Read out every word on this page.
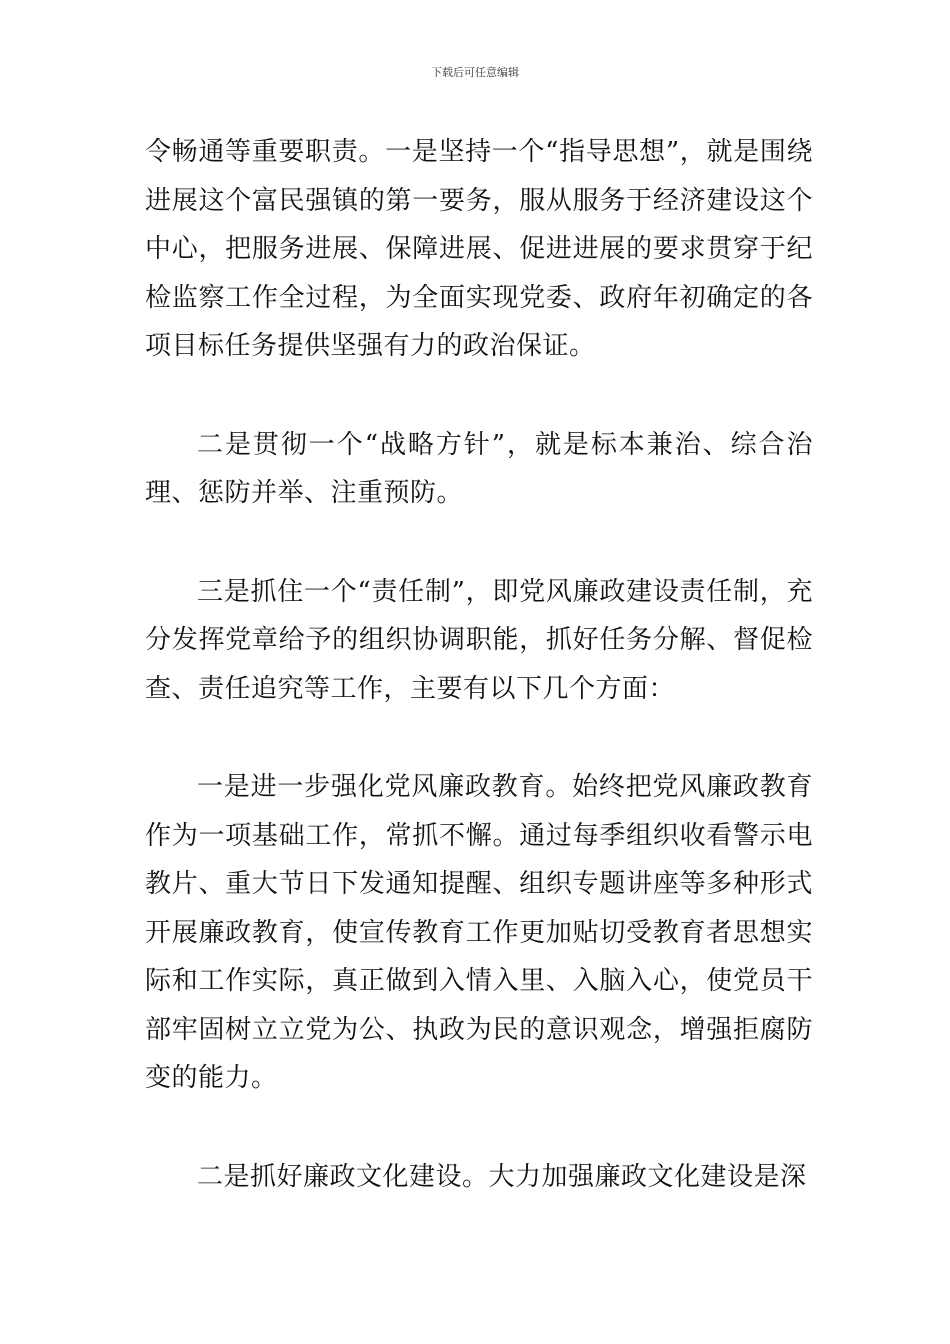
下载后可任意编辑

令畅通等重要职责。一是坚持一个“指导思想”，就是围绕进展这个富民强镇的第一要务，服从服务于经济建设这个中心，把服务进展、保障进展、促进进展的要求贯穿于纪检监察工作全过程，为全面实现党委、政府年初确定的各项目标任务提供坚强有力的政治保证。

二是贯彻一个“战略方针”，就是标本兼治、综合治理、惩防并举、注重预防。

三是抓住一个“责任制”，即党风廉政建设责任制，充分发挥党章给予的组织协调职能，抓好任务分解、督促检查、责任追究等工作，主要有以下几个方面：

一是进一步强化党风廉政教育。始终把党风廉政教育作为一项基础工作，常抓不懈。通过每季组织收看警示电教片、重大节日下发通知提醒、组织专题讲座等多种形式开展廉政教育，使宣传教育工作更加贴切受教育者思想实际和工作实际，真正做到入情入里、入脑入心，使党员干部牢固树立立党为公、执政为民的意识观念，增强拒腐防变的能力。

二是抓好廉政文化建设。大力加强廉政文化建设是深
